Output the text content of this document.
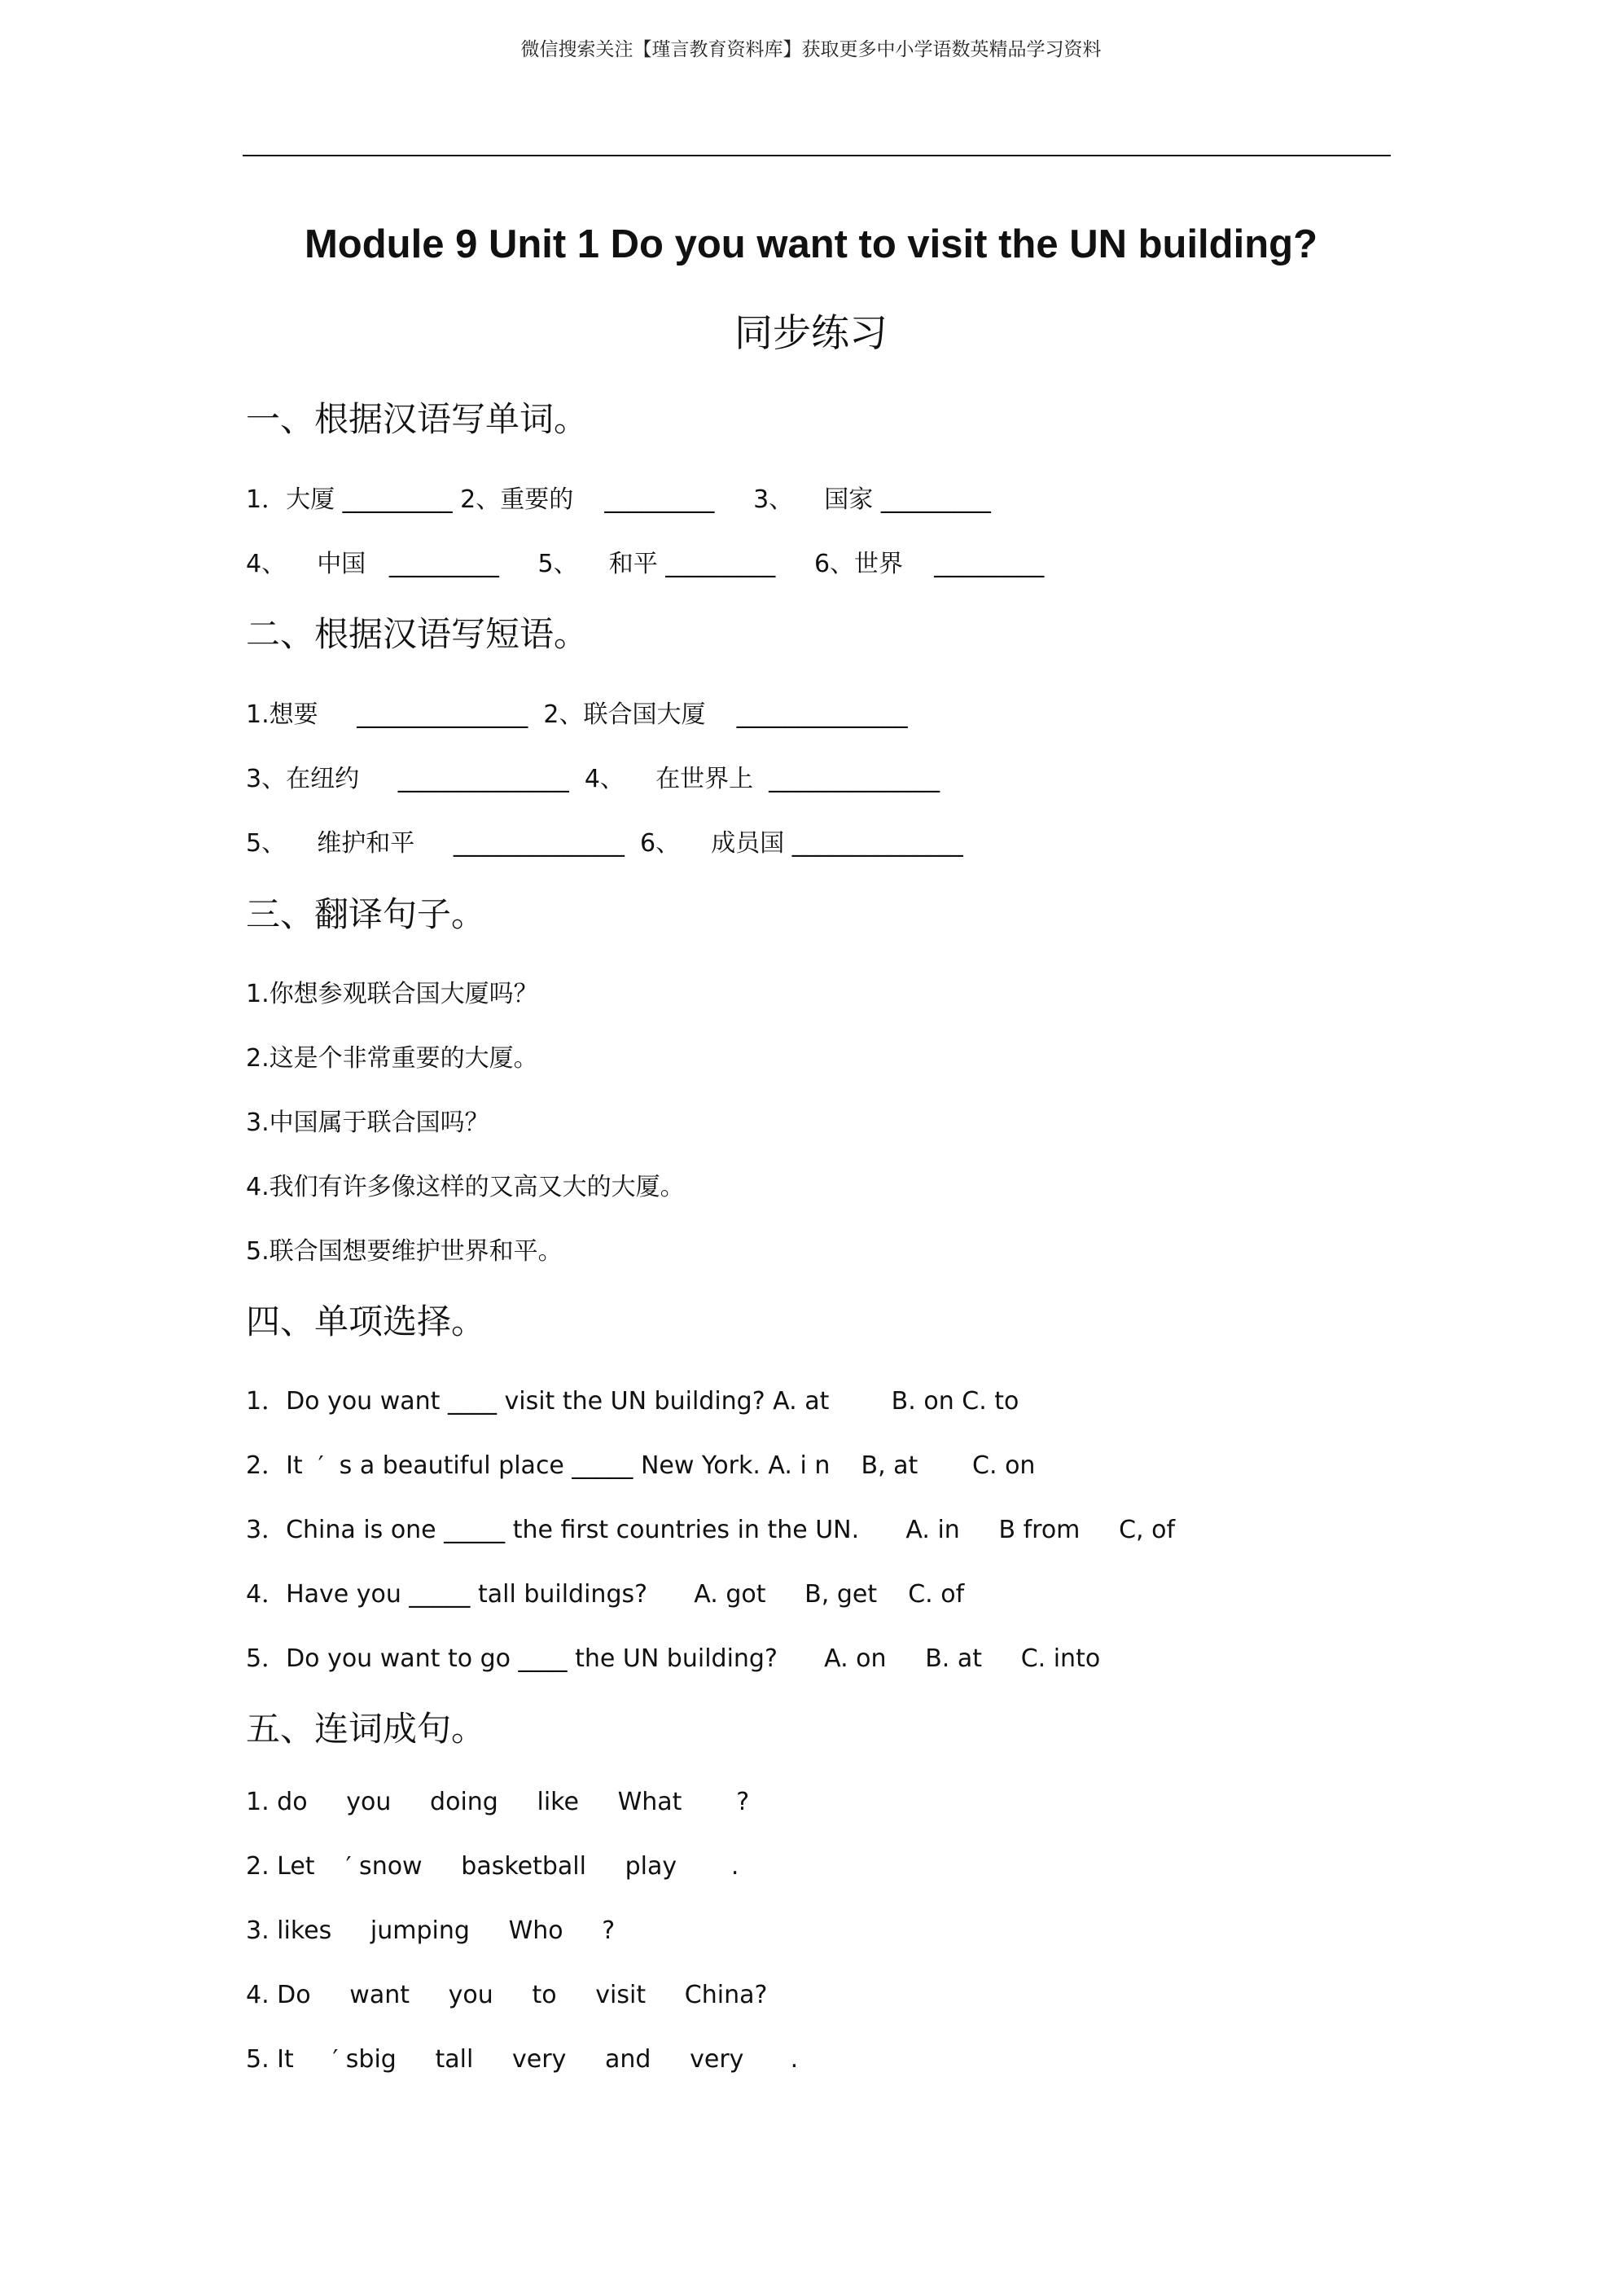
微信搜索关注【瑾言教育资料库】获取更多中小学语数英精品学习资料
Module 9 Unit 1 Do you want to visit the UN building?
同步练习
一、根据汉语写单词。
1．大厦 _________ 2、重要的    _________     3、    国家 _________
4、    中国   _________     5、    和平 _________     6、世界    _________
二、根据汉语写短语。
1.想要     ______________  2、联合国大厦    ______________
3、在纽约     ______________  4、    在世界上  ______________
5、    维护和平     ______________  6、    成员国 ______________
三、翻译句子。
1.你想参观联合国大厦吗？
2.这是个非常重要的大厦。
3.中国属于联合国吗？
4.我们有许多像这样的又高又大的大厦。
5.联合国想要维护世界和平。
四、单项选择。
1．Do you want ____ visit the UN building? A. at        B. on C. to
2．It  ′  s a beautiful place _____ New York. A. i n    B, at       C. on
3．China is one _____ the first countries in the UN.      A. in     B from     C, of
4．Have you _____ tall buildings?      A. got     B, get    C. of
5．Do you want to go ____ the UN building?      A. on     B. at     C. into
五、连词成句。
1. do     you     doing     like     What       ?
2. Let    ′ snow     basketball     play       .
3. likes     jumping     Who     ?
4. Do     want     you     to     visit     China?
5. It     ′ sbig     tall     very     and     very      .
